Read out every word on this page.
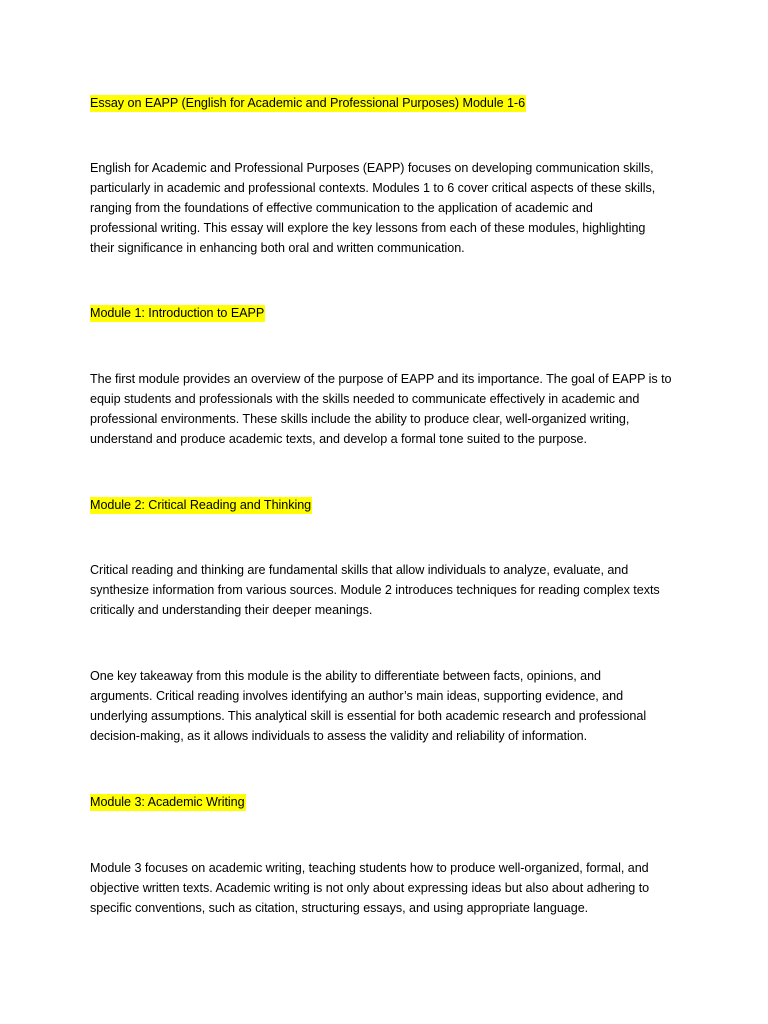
Essay on EAPP (English for Academic and Professional Purposes) Module 1-6
English for Academic and Professional Purposes (EAPP) focuses on developing communication skills,
particularly in academic and professional contexts. Modules 1 to 6 cover critical aspects of these skills,
ranging from the foundations of effective communication to the application of academic and
professional writing. This essay will explore the key lessons from each of these modules, highlighting
their significance in enhancing both oral and written communication.
Module 1: Introduction to EAPP
The first module provides an overview of the purpose of EAPP and its importance. The goal of EAPP is to
equip students and professionals with the skills needed to communicate effectively in academic and
professional environments. These skills include the ability to produce clear, well-organized writing,
understand and produce academic texts, and develop a formal tone suited to the purpose.
Module 2: Critical Reading and Thinking
Critical reading and thinking are fundamental skills that allow individuals to analyze, evaluate, and
synthesize information from various sources. Module 2 introduces techniques for reading complex texts
critically and understanding their deeper meanings.
One key takeaway from this module is the ability to differentiate between facts, opinions, and
arguments. Critical reading involves identifying an author’s main ideas, supporting evidence, and
underlying assumptions. This analytical skill is essential for both academic research and professional
decision-making, as it allows individuals to assess the validity and reliability of information.
Module 3: Academic Writing
Module 3 focuses on academic writing, teaching students how to produce well-organized, formal, and
objective written texts. Academic writing is not only about expressing ideas but also about adhering to
specific conventions, such as citation, structuring essays, and using appropriate language.
